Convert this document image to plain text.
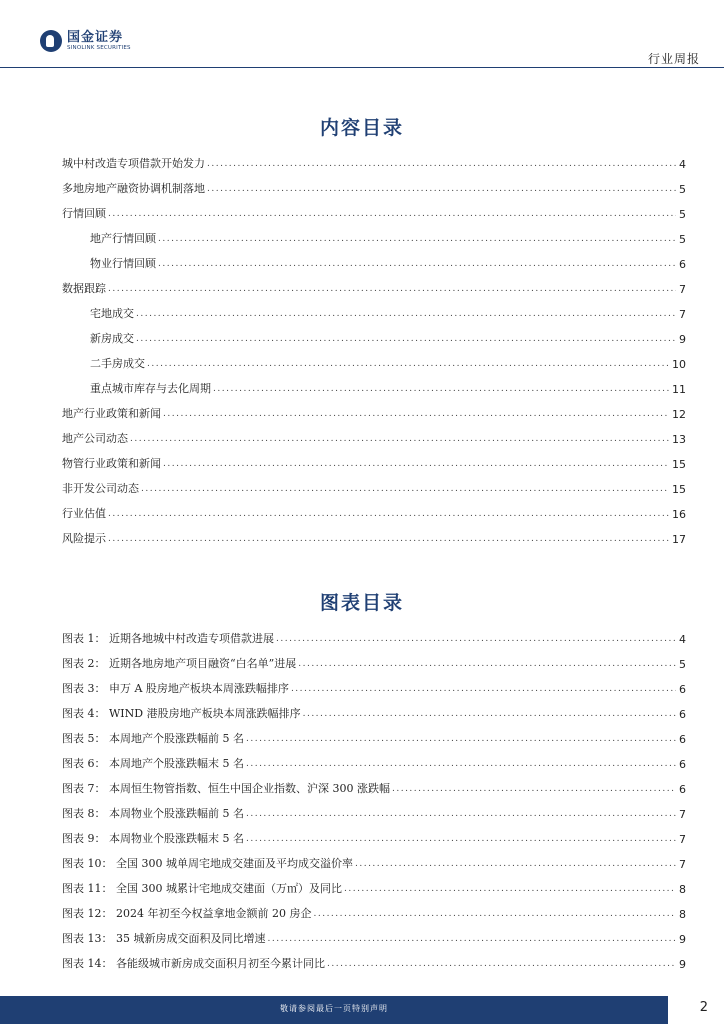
国金证券
SINOLINK SECURITIES
行业周报
内容目录
城中村改造专项借款开始发力 .....	4
多地房地产融资协调机制落地 .....	5
行情回顾 .....	5
地产行情回顾 .....	5
物业行情回顾 .....	6
数据跟踪 .....	7
宅地成交 .....	7
新房成交 .....	9
二手房成交 .....	10
重点城市库存与去化周期 .....	11
地产行业政策和新闻 .....	12
地产公司动态 .....	13
物管行业政策和新闻 .....	15
非开发公司动态 .....	15
行业估值 .....	16
风险提示 .....	17
图表目录
图表 1： 近期各地城中村改造专项借款进展 .....	4
图表 2： 近期各地房地产项目融资“白名单”进展 .....	5
图表 3： 申万 A 股房地产板块本周涨跌幅排序 .....	6
图表 4： WIND 港股房地产板块本周涨跌幅排序 .....	6
图表 5： 本周地产个股涨跌幅前 5 名 .....	6
图表 6： 本周地产个股涨跌幅末 5 名 .....	6
图表 7： 本周恒生物管指数、恒生中国企业指数、沪深 300 涨跌幅 .....	6
图表 8： 本周物业个股涨跌幅前 5 名 .....	7
图表 9： 本周物业个股涨跌幅末 5 名 .....	7
图表 10： 全国 300 城单周宅地成交建面及平均成交溢价率 .....	7
图表 11： 全国 300 城累计宅地成交建面（万㎡）及同比 .....	8
图表 12： 2024 年初至今权益拿地金额前 20 房企 .....	8
图表 13： 35 城新房成交面积及同比增速 .....	9
图表 14： 各能级城市新房成交面积月初至今累计同比 .....	9
敬请参阅最后一页特别声明	2
